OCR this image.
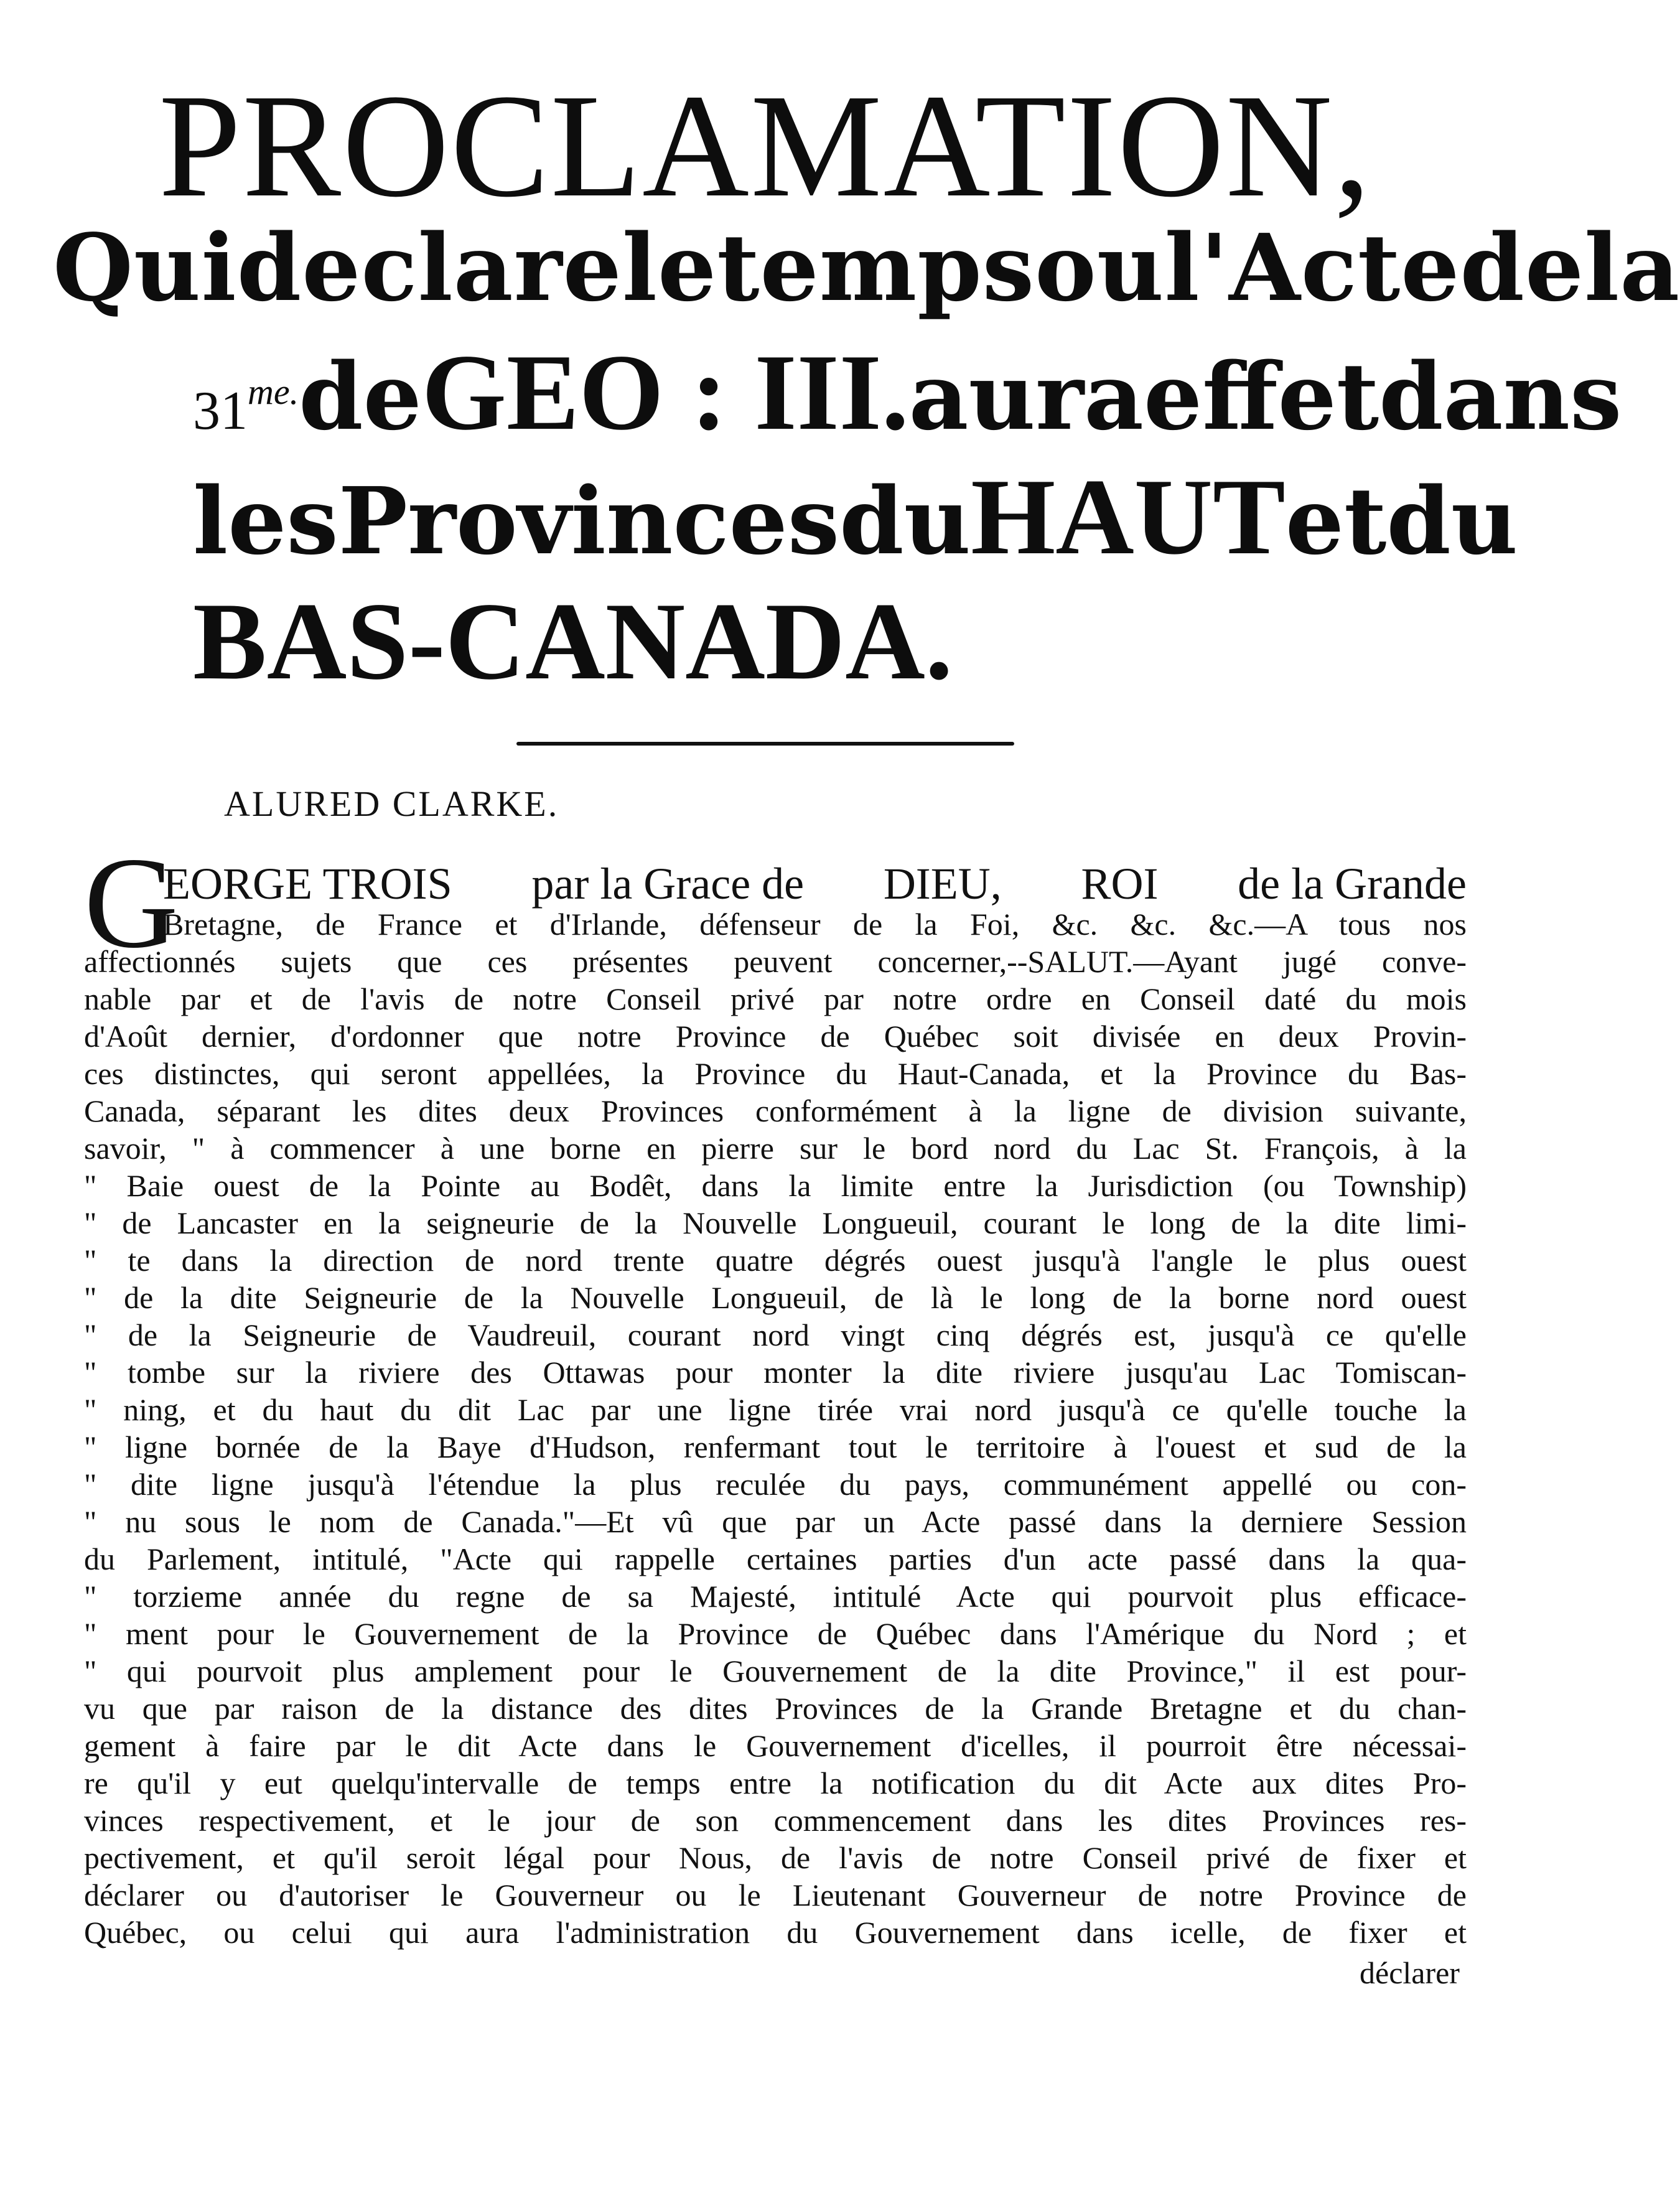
PROCLAMATION,
Qui declare le temps ou l'Acte de la
$31^{me.}$ de GEO : III. aura effet dans
les Provinces du HAUT et du
BAS-CANADA.
ALURED CLARKE.
G
EORGE TROIS par la Grace de DIEU, ROI de la Grande
Bretagne, de France et d'Irlande, défenseur de la Foi, &c. &c. &c.—A tous nos
affectionnés sujets que ces présentes peuvent concerner,--SALUT.—Ayant jugé conve-
nable par et de l'avis de notre Conseil privé par notre ordre en Conseil daté du mois
d'Août dernier, d'ordonner que notre Province de Québec soit divisée en deux Provin-
ces distinctes, qui seront appellées, la Province du Haut-Canada, et la Province du Bas-
Canada, séparant les dites deux Provinces conformément à la ligne de division suivante,
savoir, " à commencer à une borne en pierre sur le bord nord du Lac St. François, à la
" Baie ouest de la Pointe au Bodêt, dans la limite entre la Jurisdiction (ou Township)
" de Lancaster en la seigneurie de la Nouvelle Longueuil, courant le long de la dite limi-
" te dans la direction de nord trente quatre dégrés ouest jusqu'à l'angle le plus ouest
" de la dite Seigneurie de la Nouvelle Longueuil, de là le long de la borne nord ouest
" de la Seigneurie de Vaudreuil, courant nord vingt cinq dégrés est, jusqu'à ce qu'elle
" tombe sur la riviere des Ottawas pour monter la dite riviere jusqu'au Lac Tomiscan-
" ning, et du haut du dit Lac par une ligne tirée vrai nord jusqu'à ce qu'elle touche la
" ligne bornée de la Baye d'Hudson, renfermant tout le territoire à l'ouest et sud de la
" dite ligne jusqu'à l'étendue la plus reculée du pays, communément appellé ou con-
" nu sous le nom de Canada."—Et vû que par un Acte passé dans la derniere Session
du Parlement, intitulé, "Acte qui rappelle certaines parties d'un acte passé dans la qua-
" torzieme année du regne de sa Majesté, intitulé Acte qui pourvoit plus efficace-
" ment pour le Gouvernement de la Province de Québec dans l'Amérique du Nord ; et
" qui pourvoit plus amplement pour le Gouvernement de la dite Province," il est pour-
vu que par raison de la distance des dites Provinces de la Grande Bretagne et du chan-
gement à faire par le dit Acte dans le Gouvernement d'icelles, il pourroit être nécessai-
re qu'il y eut quelqu'intervalle de temps entre la notification du dit Acte aux dites Pro-
vinces respectivement, et le jour de son commencement dans les dites Provinces res-
pectivement, et qu'il seroit légal pour Nous, de l'avis de notre Conseil privé de fixer et
déclarer ou d'autoriser le Gouverneur ou le Lieutenant Gouverneur de notre Province de
Québec, ou celui qui aura l'administration du Gouvernement dans icelle, de fixer et
déclarer
